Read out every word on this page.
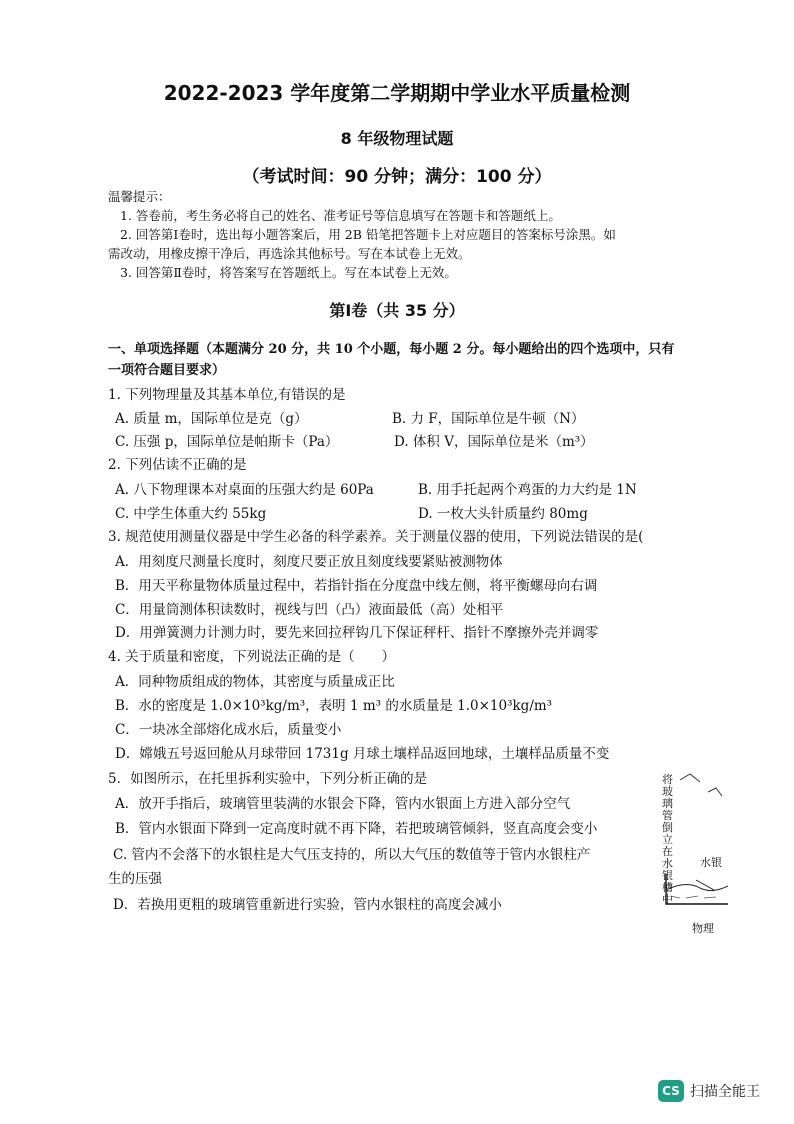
2022-2023 学年度第二学期期中学业水平质量检测
8 年级物理试题
（考试时间：90 分钟；满分：100 分）
温馨提示：
1. 答卷前，考生务必将自己的姓名、准考证号等信息填写在答题卡和答题纸上。
2. 回答第Ⅰ卷时，选出每小题答案后，用 2B 铅笔把答题卡上对应题目的答案标号涂黑。如
需改动，用橡皮擦干净后，再选涂其他标号。写在本试卷上无效。
3. 回答第Ⅱ卷时，将答案写在答题纸上。写在本试卷上无效。
第Ⅰ卷（共 35 分）
一、单项选择题（本题满分 20 分，共 10 个小题，每小题 2 分。每小题给出的四个选项中，只有
一项符合题目要求）
1. 下列物理量及其基本单位,有错误的是
A. 质量 m，国际单位是克（g）	B. 力 F，国际单位是牛顿（N）
C. 压强 p，国际单位是帕斯卡（Pa）	D. 体积 V，国际单位是米（m³）
2. 下列估读不正确的是
A. 八下物理课本对桌面的压强大约是 60Pa	B. 用手托起两个鸡蛋的力大约是 1N
C. 中学生体重大约 55kg	D. 一枚大头针质量约 80mg
3. 规范使用测量仪器是中学生必备的科学素养。关于测量仪器的使用，下列说法错误的是(
A．用刻度尺测量长度时，刻度尺要正放且刻度线要紧贴被测物体
B．用天平称量物体质量过程中，若指针指在分度盘中线左侧，将平衡螺母向右调
C．用量筒测体积读数时，视线与凹（凸）液面最低（高）处相平
D．用弹簧测力计测力时，要先来回拉秤钩几下保证秤杆、指针不摩擦外壳并调零
4. 关于质量和密度，下列说法正确的是（　　）
A．同种物质组成的物体，其密度与质量成正比
B．水的密度是 1.0×10³kg/m³，表明 1 m³ 的水质量是 1.0×10³kg/m³
C．一块冰全部熔化成水后，质量变小
D．嫦娥五号返回舱从月球带回 1731g 月球土壤样品返回地球，土壤样品质量不变
5．如图所示，在托里拆利实验中，下列分析正确的是
A．放开手指后，玻璃管里装满的水银会下降，管内水银面上方进入部分空气
B．管内水银面下降到一定高度时就不再下降，若把玻璃管倾斜，竖直高度会变小
C. 管内不会落下的水银柱是大气压支持的，所以大气压的数值等于管内水银柱产
生的压强
D．若换用更粗的玻璃管重新进行实验，管内水银柱的高度会减小
将玻璃管倒立在水银槽中
水银
物理
CS 扫描全能王
